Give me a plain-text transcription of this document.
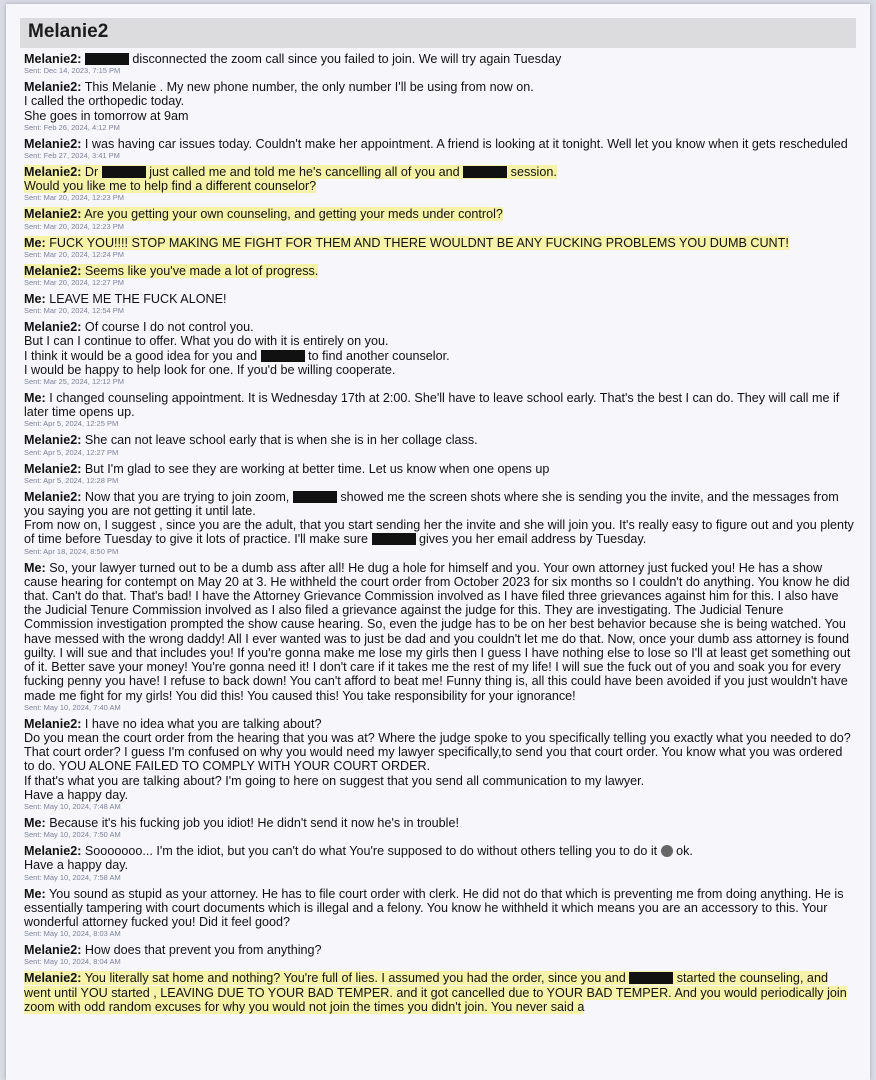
Melanie2

Melanie2:	disconnected the zoom call since you failed to join. We will try again Tuesday
Sent: Dec 14, 2023, 7:15 PM

Melanie2: This Melanie . My new phone number, the only number I'll be using from now on.
I called the orthopedic today.
She goes in tomorrow at 9am
Sent: Feb 26, 2024, 4:12 PM

Melanie2: I was having car issues today. Couldn't make her appointment. A friend is looking at it tonight. Well let you know when it gets rescheduled
Sent: Feb 27, 2024, 3:41 PM

Melanie2: Dr	just called me and told me he's cancelling all of you and	session.
Would you like me to help find a different counselor?
Sent: Mar 20, 2024, 12:23 PM

Melanie2: Are you getting your own counseling, and getting your meds under control?
Sent: Mar 20, 2024, 12:23 PM

Me: FUCK YOU!!!! STOP MAKING ME FIGHT FOR THEM AND THERE WOULDNT BE ANY FUCKING PROBLEMS YOU DUMB CUNT!
Sent: Mar 20, 2024, 12:24 PM

Melanie2: Seems like you've made a lot of progress.
Sent: Mar 20, 2024, 12:27 PM

Me: LEAVE ME THE FUCK ALONE!
Sent: Mar 20, 2024, 12:54 PM

Melanie2: Of course I do not control you.
But I can I continue to offer. What you do with it is entirely on you.
I think it would be a good idea for you and	to find another counselor.
I would be happy to help look for one. If you'd be willing cooperate.
Sent: Mar 25, 2024, 12:12 PM

Me: I changed counseling appointment. It is Wednesday 17th at 2:00. She'll have to leave school early. That's the best I can do. They will call me if later time opens up.
Sent: Apr 5, 2024, 12:25 PM

Melanie2: She can not leave school early that is when she is in her collage class.
Sent: Apr 5, 2024, 12:27 PM

Melanie2: But I'm glad to see they are working at better time. Let us know when one opens up
Sent: Apr 5, 2024, 12:28 PM

Melanie2: Now that you are trying to join zoom,	showed me the screen shots where she is sending you the invite, and the messages from you saying you are not getting it until late.
From now on, I suggest , since you are the adult, that you start sending her the invite and she will join you. It's really easy to figure out and you plenty of time before Tuesday to give it lots of practice. I'll make sure	gives you her email address by Tuesday.
Sent: Apr 18, 2024, 8:50 PM

Me: So, your lawyer turned out to be a dumb ass after all! He dug a hole for himself and you. Your own attorney just fucked you! He has a show cause hearing for contempt on May 20 at 3. He withheld the court order from October 2023 for six months so I couldn't do anything. You know he did that. Can't do that. That's bad! I have the Attorney Grievance Commission involved as I have filed three grievances against him for this. I also have the Judicial Tenure Commission involved as I also filed a grievance against the judge for this. They are investigating. The Judicial Tenure Commission investigation prompted the show cause hearing. So, even the judge has to be on her best behavior because she is being watched. You have messed with the wrong daddy! All I ever wanted was to just be dad and you couldn't let me do that. Now, once your dumb ass attorney is found guilty. I will sue and that includes you! If you're gonna make me lose my girls then I guess I have nothing else to lose so I'll at least get something out of it. Better save your money! You're gonna need it! I don't care if it takes me the rest of my life! I will sue the fuck out of you and soak you for every fucking penny you have! I refuse to back down! You can't afford to beat me! Funny thing is, all this could have been avoided if you just wouldn't have made me fight for my girls! You did this! You caused this! You take responsibility for your ignorance!
Sent: May 10, 2024, 7:40 AM

Melanie2: I have no idea what you are talking about?
Do you mean the court order from the hearing that you was at? Where the judge spoke to you specifically telling you exactly what you needed to do? That court order? I guess I'm confused on why you would need my lawyer specifically,to send you that court order. You know what you was ordered to do. YOU ALONE FAILED TO COMPLY WITH YOUR COURT ORDER.
If that's what you are talking about? I'm going to here on suggest that you send all communication to my lawyer.
Have a happy day.
Sent: May 10, 2024, 7:48 AM

Me: Because it's his fucking job you idiot! He didn't send it now he's in trouble!
Sent: May 10, 2024, 7:50 AM

Melanie2: Sooooooo... I'm the idiot, but you can't do what You're supposed to do without others telling you to do it  ok.
Have a happy day.
Sent: May 10, 2024, 7:58 AM

Me: You sound as stupid as your attorney. He has to file court order with clerk. He did not do that which is preventing me from doing anything. He is essentially tampering with court documents which is illegal and a felony. You know he withheld it which means you are an accessory to this. Your wonderful attorney fucked you! Did it feel good?
Sent: May 10, 2024, 8:03 AM

Melanie2: How does that prevent you from anything?
Sent: May 10, 2024, 8:04 AM

Melanie2: You literally sat home and nothing? You're full of lies. I assumed you had the order, since you and	started the counseling, and went until YOU started , LEAVING DUE TO YOUR BAD TEMPER. and it got cancelled due to YOUR BAD TEMPER. And you would periodically join zoom with odd random excuses for why you would not join the times you didn't join. You never said a
